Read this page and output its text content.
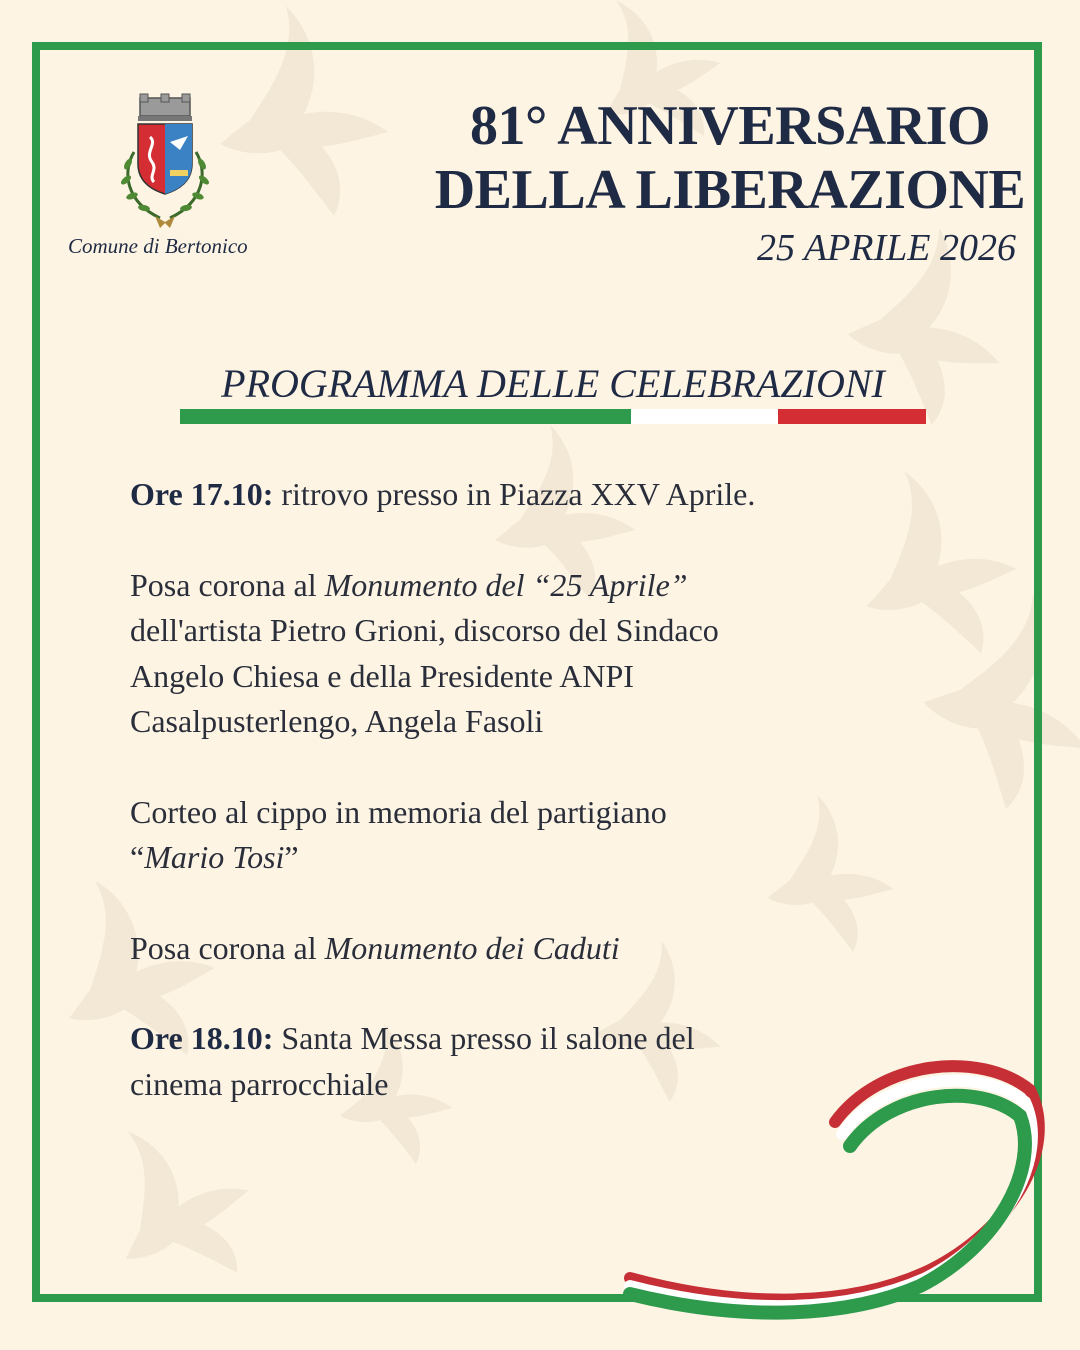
Comune di Bertonico
81° ANNIVERSARIO
DELLA LIBERAZIONE
25 APRILE 2026
PROGRAMMA DELLE CELEBRAZIONI

Ore 17.10: ritrovo presso in Piazza XXV Aprile.

Posa corona al Monumento del “25 Aprile”
dell'artista Pietro Grioni, discorso del Sindaco
Angelo Chiesa e della Presidente ANPI
Casalpusterlengo, Angela Fasoli

Corteo al cippo in memoria del partigiano
“Mario Tosi”

Posa corona al Monumento dei Caduti

Ore 18.10: Santa Messa presso il salone del
cinema parrocchiale
